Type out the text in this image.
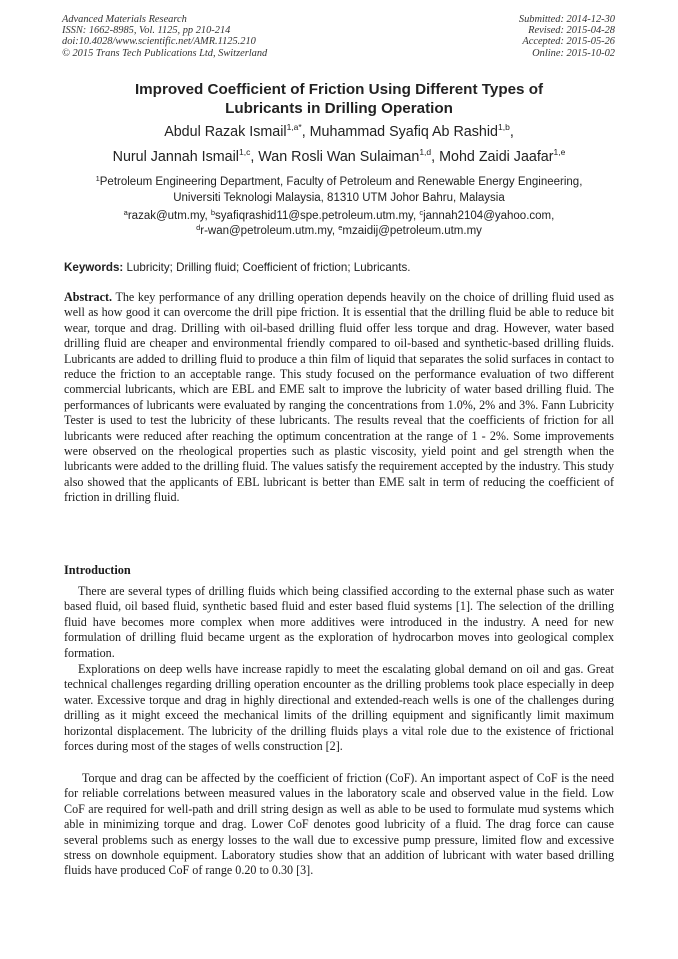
Advanced Materials Research
ISSN: 1662-8985, Vol. 1125, pp 210-214
doi:10.4028/www.scientific.net/AMR.1125.210
© 2015 Trans Tech Publications Ltd, Switzerland
Submitted: 2014-12-30
Revised: 2015-04-28
Accepted: 2015-05-26
Online: 2015-10-02
Improved Coefficient of Friction Using Different Types of
Lubricants in Drilling Operation
Abdul Razak Ismail$^{1,a*}$, Muhammad Syafiq Ab Rashid$^{1,b}$,
Nurul Jannah Ismail$^{1,c}$, Wan Rosli Wan Sulaiman$^{1,d}$, Mohd Zaidi Jaafar$^{1,e}$
$^1$Petroleum Engineering Department, Faculty of Petroleum and Renewable Energy Engineering,
Universiti Teknologi Malaysia, 81310 UTM Johor Bahru, Malaysia
$^a$razak@utm.my, $^b$syafiqrashid11@spe.petroleum.utm.my, $^c$jannah2104@yahoo.com,
$^d$r-wan@petroleum.utm.my, $^e$mzaidij@petroleum.utm.my
Keywords: Lubricity; Drilling fluid; Coefficient of friction; Lubricants.

Abstract. The key performance of any drilling operation depends heavily on the choice of drilling fluid used as well as how good it can overcome the drill pipe friction. It is essential that the drilling fluid be able to reduce bit wear, torque and drag. Drilling with oil-based drilling fluid offer less torque and drag. However, water based drilling fluid are cheaper and environmental friendly compared to oil-based and synthetic-based drilling fluids. Lubricants are added to drilling fluid to produce a thin film of liquid that separates the solid surfaces in contact to reduce the friction to an acceptable range. This study focused on the performance evaluation of two different commercial lubricants, which are EBL and EME salt to improve the lubricity of water based drilling fluid. The performances of lubricants were evaluated by ranging the concentrations from 1.0%, 2% and 3%. Fann Lubricity Tester is used to test the lubricity of these lubricants. The results reveal that the coefficients of friction for all lubricants were reduced after reaching the optimum concentration at the range of 1 - 2%. Some improvements were observed on the rheological properties such as plastic viscosity, yield point and gel strength when the lubricants were added to the drilling fluid. The values satisfy the requirement accepted by the industry. This study also showed that the applicants of EBL lubricant is better than EME salt in term of reducing the coefficient of friction in drilling fluid.

Introduction

There are several types of drilling fluids which being classified according to the external phase such as water based fluid, oil based fluid, synthetic based fluid and ester based fluid systems [1]. The selection of the drilling fluid have becomes more complex when more additives were introduced in the industry. A need for new formulation of drilling fluid became urgent as the exploration of hydrocarbon moves into geological complex formation.

Explorations on deep wells have increase rapidly to meet the escalating global demand on oil and gas. Great technical challenges regarding drilling operation encounter as the drilling problems took place especially in deep water. Excessive torque and drag in highly directional and extended-reach wells is one of the challenges during drilling as it might exceed the mechanical limits of the drilling equipment and significantly limit maximum horizontal displacement. The lubricity of the drilling fluids plays a vital role due to the existence of frictional forces during most of the stages of wells construction [2].

Torque and drag can be affected by the coefficient of friction (CoF). An important aspect of CoF is the need for reliable correlations between measured values in the laboratory scale and observed value in the field. Low CoF are required for well-path and drill string design as well as able to be used to formulate mud systems which able in minimizing torque and drag. Lower CoF denotes good lubricity of a fluid. The drag force can cause several problems such as energy losses to the wall due to excessive pump pressure, limited flow and excessive stress on downhole equipment. Laboratory studies show that an addition of lubricant with water based drilling fluids have produced CoF of range 0.20 to 0.30 [3].
